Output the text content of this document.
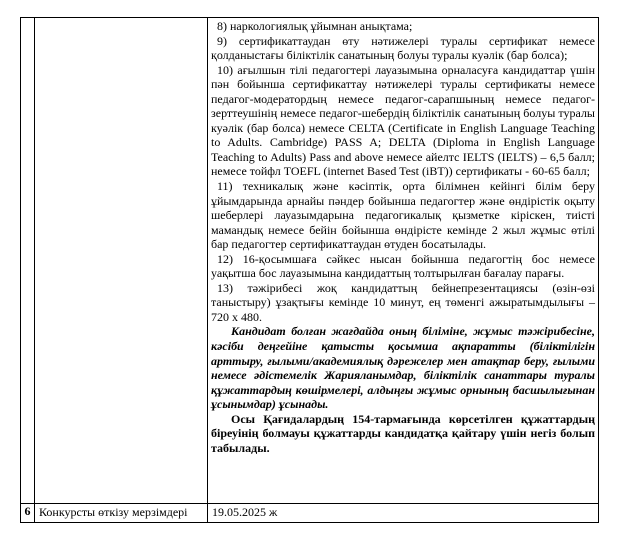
8) наркологиялық ұйымнан анықтама;

9) сертификаттаудан өту нәтижелері туралы сертификат немесе қолданыстағы біліктілік санатының болуы туралы куәлік (бар болса);

10) ағылшын тілі педагогтері лауазымына орналасуға кандидаттар үшін пән бойынша сертификаттау нәтижелері туралы сертификаты немесе педагог-модератордың немесе педагог-сарапшының немесе педагог-зерттеушінің немесе педагог-шебердің біліктілік санатының болуы туралы куәлік (бар болса) немесе CELTA (Certificate in English Language Teaching to Adults. Cambridge) PASS A; DELTA (Diploma in English Language Teaching to Adults) Pass and above немесе айелтс IELTS (IELTS) – 6,5 балл; немесе тойфл TOEFL (internet Based Test (iBT)) сертификаты - 60-65 балл;

11) техникалық және кәсіптік, орта білімнен кейінгі білім беру ұйымдарында арнайы пәндер бойынша педагогтер және өндірістік оқыту шеберлері лауазымдарына педагогикалық қызметке кіріскен, тиісті мамандық немесе бейін бойынша өндірісте кемінде 2 жыл жұмыс өтілі бар педагогтер сертификаттаудан өтуден босатылады.

12) 16-қосымшаға сәйкес нысан бойынша педагогтің бос немесе уақытша бос лауазымына кандидаттың толтырылған бағалау парағы.

13) тәжірибесі жоқ кандидаттың бейнепрезентациясы (өзін-өзі таныстыру) ұзақтығы кемінде 10 минут, ең төменгі ажыратымдылығы – 720 x 480.

Кандидат болған жағдайда оның біліміне, жұмыс тәжірибесіне, кәсіби деңгейіне қатысты қосымша ақпаратты (біліктілігін арттыру, ғылыми/академиялық дәрежелер мен атақтар беру, ғылыми немесе әдістемелік Жарияланымдар, біліктілік санаттары туралы құжаттардың көшірмелері, алдыңғы жұмыс орнының басшылығынан ұсынымдар) ұсынады.

Осы Қағидалардың 154-тармағында көрсетілген құжаттардың біреуінің болмауы құжаттарды кандидатқа қайтару үшін негіз болып табылады.

6	Конкурсты өткізу мерзімдері	19.05.2025 ж
